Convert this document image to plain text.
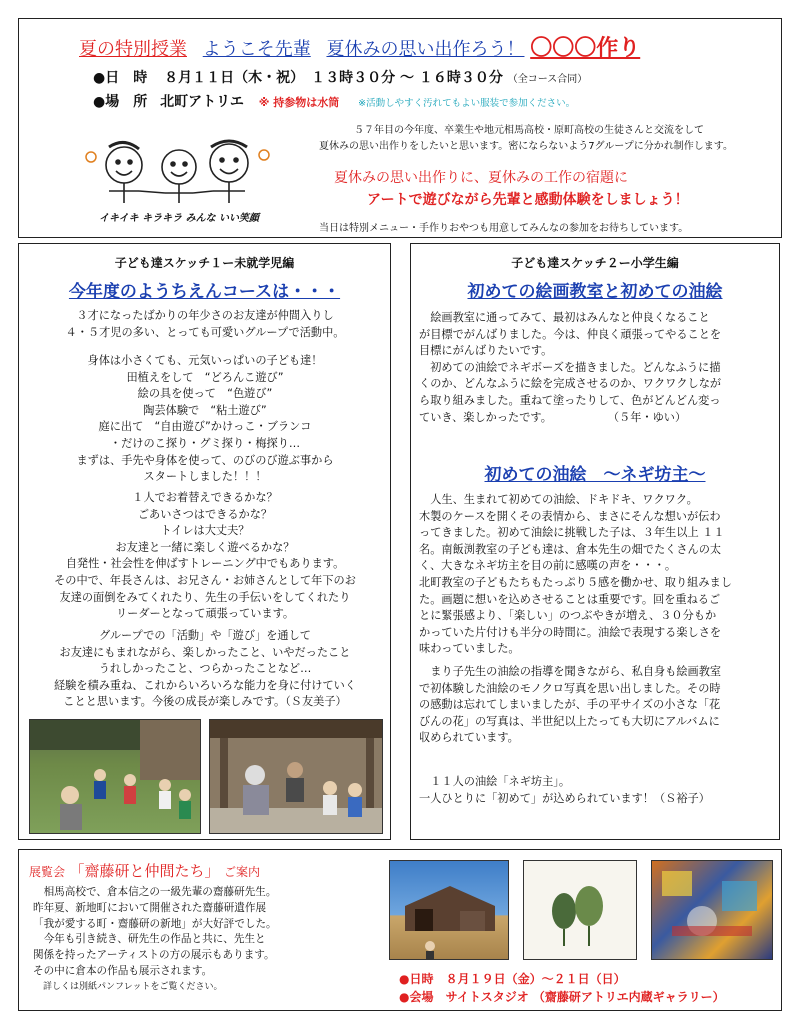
夏の特別授業 ようこそ先輩 夏休みの思い出作ろう！ 〇〇〇作り
●日　時 ８月１１日（木・祝）　１３時３０分 ～ １６時３０分 （全コース合同）
●場　所 北町アトリエ ※ 持参物は水筒 ※活動しやすく汚れてもよい服装で参加ください。
５７年目の今年度、卒業生や地元相馬高校・原町高校の生徒さんと交流をして
夏休みの思い出作りをしたいと思います。密にならないよう7グループに分かれ制作します。
イキイキ キラキラ みんな いい笑顔
夏休みの思い出作りに、夏休みの工作の宿題に
アートで遊びながら先輩と感動体験をしましょう！
当日は特別メニュー・手作りおやつも用意してみんなの参加をお待ちしています。
子ども達スケッチ１ー未就学児編
今年度のようちえんコースは・・・

３才になったばかりの年少さのお友達が仲間入りし

４・５才児の多い、とっても可愛いグループで活動中。

身体は小さくても、元気いっぱいの子ども達！

田植えをして　“どろんこ遊び”

絵の具を使って　“色遊び”

陶芸体験で　“粘土遊び”

庭に出て　“自由遊び”かけっこ・ブランコ

・だけのこ探り・グミ探り・梅探り…

まずは、手先や身体を使って、のびのび遊ぶ事から

スタートしました！！！

１人でお着替えできるかな？

ごあいさつはできるかな？

トイレは大丈夫？

お友達と一緒に楽しく遊べるかな？

自発性・社会性を伸ばすトレーニング中でもあります。

その中で、年長さんは、お兄さん・お姉さんとして年下のお

友達の面倒をみてくれたり、先生の手伝いをしてくれたり

リーダーとなって頑張っています。

グループでの「活動」や「遊び」を通して

お友達にもまれながら、楽しかったこと、いやだったこと

うれしかったこと、つらかったことなど…

経験を積み重ね、これからいろいろな能力を身に付けていく

ことと思います。今後の成長が楽しみです。（Ｓ友美子）

子ども達スケッチ２ー小学生編
初めての絵画教室と初めての油絵

　絵画教室に通ってみて、最初はみんなと仲良くなること

が目標でがんばりました。今は、仲良く頑張ってやることを

目標にがんばりたいです。

　初めての油絵でネギボーズを描きました。どんなふうに描

くのか、どんなふうに絵を完成させるのか、ワクワクしなが

ら取り組みました。重ねて塗ったりして、色がどんどん変っ

ていき、楽しかったです。　　　　　　（５年・ゆい）

初めての油絵　～ネギ坊主～

　人生、生まれて初めての油絵、ドキドキ、ワクワク。

木製のケースを開くその表情から、まさにそんな想いが伝わ

ってきました。初めて油絵に挑戦した子は、３年生以上 １１

名。南飯渕教室の子ども達は、倉本先生の畑でたくさんの太

く、大きなネギ坊主を目の前に感嘆の声を・・・。

北町教室の子どもたちもたっぷり５感を働かせ、取り組みまし

た。画題に想いを込めさせることは重要です。回を重ねるご

とに緊張感より、「楽しい」のつぶやきが増え、３０分もか

かっていた片付けも半分の時間に。油絵で表現する楽しさを

味わっていました。

　まり子先生の油絵の指導を聞きながら、私自身も絵画教室

で初体験した油絵のモノクロ写真を思い出しました。その時

の感動は忘れてしまいましたが、手の平サイズの小さな「花

びんの花」の写真は、半世紀以上たっても大切にアルバムに

収められています。

　１１人の油絵「ネギ坊主」。

一人ひとりに「初めて」が込められています！（Ｓ裕子）

展覧会 「齋藤研と仲間たち」 ご案内

　相馬高校で、倉本信之の一級先輩の齋藤研先生。

昨年夏、新地町において開催された齋藤研遺作展

「我が愛する町・齋藤研の新地」が大好評でした。

　今年も引き続き、研先生の作品と共に、先生と

関係を持ったアーティストの方の展示もあります。

その中に倉本の作品も展示されます。

詳しくは別紙パンフレットをご覧ください。

●日時 ８月１９日（金）～２１日（日）
●会場 サイトスタジオ （齋藤研アトリエ内蔵ギャラリー）
